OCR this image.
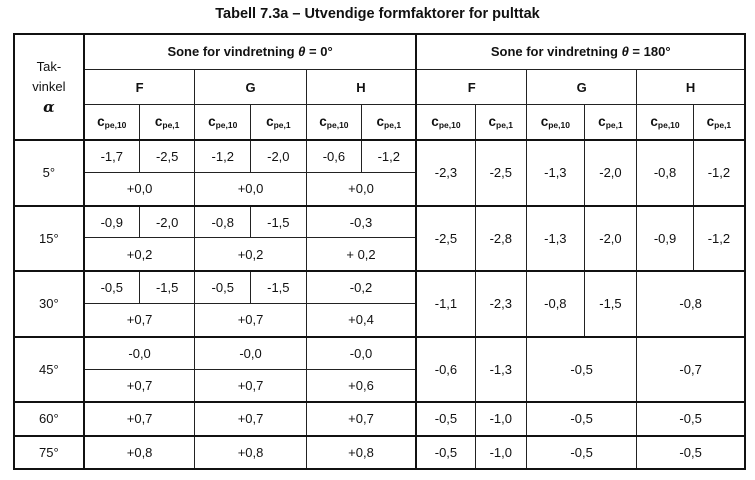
Tabell 7.3a – Utvendige formfaktorer for pulttak
Tak-
vinkel
α	Sone for vindretning θ = 0°						Sone for vindretning θ = 180°					
	F		G		H		F		G		H	
	$c_{pe,10}$	$c_{pe,1}$	$c_{pe,10}$	$c_{pe,1}$	$c_{pe,10}$	$c_{pe,1}$	$c_{pe,10}$	$c_{pe,1}$	$c_{pe,10}$	$c_{pe,1}$	$c_{pe,10}$	$c_{pe,1}$
5°	-1,7	-2,5	-1,2	-2,0	-0,6	-1,2	-2,3	-2,5	-1,3	-2,0	-0,8	-1,2
	+0,0		+0,0		+0,0							
15°	-0,9	-2,0	-0,8	-1,5	-0,3		-2,5	-2,8	-1,3	-2,0	-0,9	-1,2
	+0,2		+0,2		+ 0,2							
30°	-0,5	-1,5	-0,5	-1,5	-0,2		-1,1	-2,3	-0,8	-1,5	-0,8	
	+0,7		+0,7		+0,4							
45°	-0,0		-0,0		-0,0		-0,6	-1,3	-0,5		-0,7	
	+0,7		+0,7		+0,6							
60°	+0,7		+0,7		+0,7		-0,5	-1,0	-0,5		-0,5	
75°	+0,8		+0,8		+0,8		-0,5	-1,0	-0,5		-0,5	
